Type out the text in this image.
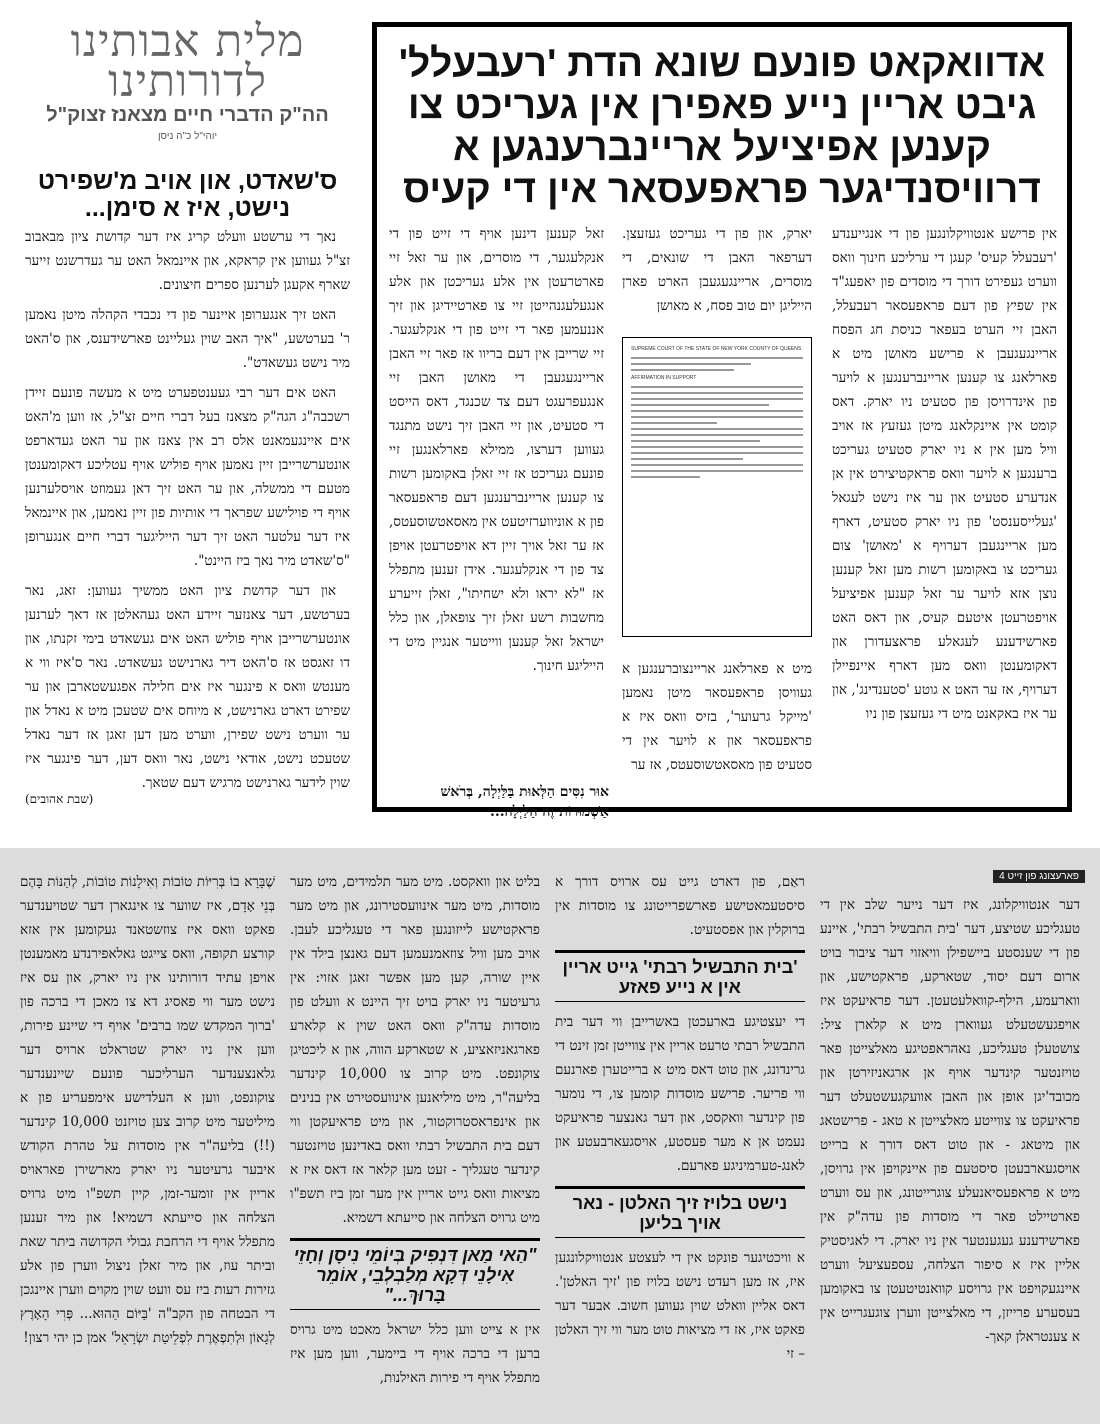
מלית אבותינו לדורותינו
הה"ק הדברי חיים מצאנז זצוק"ל
יוהי"ל כ"ה ניסן
ס'שאדט, און אויב מ'שפירט נישט, איז א סימן...

נאך די ערשטע וועלט קריג איז דער קדושת ציון מבאבוב זצ"ל געווען אין קראקא, און איינמאל האט ער געדרשנט זייער שארף אקעגן לערנען ספרים חיצונים.

האט זיך אנגערופן איינער פון די נכבדי הקהלה מיטן נאמען ר' בערטשע, "איך האב שוין געליינט פארשידענס, און ס'האט מיר נישט געשאדט".

האט אים דער רבי געענטפערט מיט א מעשה פונעם זיידן רשכבה"ג הגה"ק מצאנז בעל דברי חיים זצ"ל, אז ווען מ'האט אים איינגעמאנט אלס רב אין צאנז און ער האט געדארפט אונטערשרייבן זיין נאמען אויף פוליש אויף עטליכע דאקומענטן מטעם די ממשלה, און ער האט זיך דאן געמוזט אויסלערנען אויף די פוילישע שפראך די אותיות פון זיין נאמען, און איינמאל איז דער עלטער האט זיך דער הייליגער דברי חיים אנגערופן "ס'שאדט מיר נאך ביז היינט".

און דער קדושת ציון האט ממשיך געווען: זאג, נאר בערטשע, דער צאנזער זיידע האט געהאלטן אז דאך לערנען אונטערשרייבן אויף פוליש האט אים געשאדט בימי זקנתו, און דו זאגסט אז ס'האט דיר גארנישט געשאדט. נאר ס'איז ווי א מענטש וואס א פינגער איז אים חלילה אפגעשטארבן און ער שפירט דארט גארנישט, א מיוחס אים שטעכן מיט א נאדל און ער ווערט נישט שפירן, ווערט מען דען זאגן אז דער נאדל שטעכט נישט, אודאי נישט, נאר וואס דען, דער פינגער איז שוין לידער גארנישט מרגיש דעם שטאך.

(שבת אהובים)
אדוואקאט פונעם שונא הדת 'רעבעלל' גיבט אריין נייע פאפירן אין געריכט צו קענען אפיציעל אריינברענגען א דרוויסנדיגער פראפעסאר אין די קעיס
אין פרישע אנטוויקלונגען פון די אנגייענדע 'רעבעלל קעיס' קעגן די ערליכע חינוך וואס ווערט געפירט דורך די מוסדים פון יאפעג"ד אין שפיץ פון דעם פראפעסאר רעבעלל, האבן זיי הערט בעפאר כניסת חג הפסח אריינגעגעבן א פרישע מאושן מיט א פארלאנג צו קענען אריינברענגען א לויער פון אינדרויסן פון סטעיט ניו יארק. דאס קומט אין איינקלאנג מיטן געזעץ אז אויב וויל מען אין א ניו יארק סטעיט געריכט ברענגען א לויער וואס פראקטיצירט אין אן אנדערע סטעיט און ער איז נישט לעגאל 'געלייסענסט' פון ניו יארק סטעיט, דארף מען אריינגעבן דערויף א 'מאושן' צום געריכט צו באקומען רשות מען זאל קענען נוצן אזא לויער ער זאל קענען אפיציעל אויפטרעטן איטעם קעיס, און דאס האט פארשידענע לעגאלע פראצעדורן און דאקומענטן וואס מען דארף איינפיילן דערויף, אז ער האט א גוטע 'סטענדינג', און ער איז באקאנט מיט די געזעצן פון ניו
יארק, און פון די געריכט געזעצן. דערפאר האבן די שונאים, די מוסרים, אריינגעגעבן הארט פארן הייליגן יום טוב פסח, א מאושן
SUPREME COURT OF THE STATE OF NEW YORK COUNTY OF QUEENS
AFFIRMATION IN SUPPORT
מיט א פארלאנג אריינצוברענגען א געוויסן פראפעסאר מיטן נאמען 'מייקל גרעוער', בזיס וואס איז א פראפעסאר און א לויער אין די סטעיט פון מאסאטשוסעטס, אז ער
זאל קענען דינען אויף די זייט פון די אנקלעגער, די מוסרים, און ער זאל זיי פארטרעטן אין אלע געריכטן און אלע אנגעלעגנהייטן זיי צו פארטיידיגן און זיך אננעמען פאר די זייט פון די אנקלעגער. זיי שרייבן אין דעם בריוו אז פאר זיי האבן אריינגעגעבן די מאושן האבן זיי אנגעפרעגט דעם צד שכנגד, דאס הייסט די סטעיט, און זיי האבן זיך נישט מתנגד געווען דערצו, ממילא פארלאנגען זיי פונעם געריכט אז זיי זאלן באקומען רשות צו קענען אריינברענגען דעם פראפעסאר פון א אוניווערזיטעט אין מאסאטשוסעטס, אז ער זאל אויך זיין דא אויפטרעטן אויפן צד פון די אנקלעגער. אידן זענען מתפלל אז "לא יראו ולא ישחיתו", זאלן זייערע מחשבות רשע זאלן זיך צופאלן, און כלל ישראל זאל קענען ווייטער אנגיין מיט די הייליגע חינוך.
אוּר נִסִּים הַלְּאוּת בַּלַּיְלָה, בְּרֹאשׁ אַשְׁמוּרוֹת זֶה הַלַּיְלָה...
פארעצונג פון זייט 4
דער אנטוויקלונג, איז דער נייער שלב אין די טעגליכע שטיצע, דער 'בית התבשיל רבתי', איינע פון די שענסטע ביישפילן וויאזוי דער ציבור בויט ארום דעם יסוד, שטארקע, פראקטישע, און ווארעמע, הילף-קוואלעטעטן. דער פראיעקט איז אויפגעשטעלט געווארן מיט א קלארן ציל: צושטעלן טעגליכע, נאהראפטיגע מאלצייטן פאר טויזנטער קינדער אויף אן ארגאניזירטן און מכובד'יגן אופן און האבן אוועקגעשטעלט דער פראיעקט צו צווייטע מאלצייטן א טאג - פרישטאג און מיטאג - און טוט דאס דורך א ברייט אויסגעארבעטן סיסטעם פון איינקויפן אין גרויסן, מיט א פראפעסיאנעלע צוגרייטונג, און עס ווערט פארטיילט פאר די מוסדות פון עדה"ק אין פארשידענע געגענטער אין ניו יארק. די לאגיסטיק אליין איז א סיפור הצלחה, עספעציעל ווערט איינגעקויפט אין גרויסע קוואנטיטעטן צו באקומען בעסערע פרייזן, די מאלצייטן ווערן צוגעגרייט אין א צענטראלן קאך-
ראַם, פון דארט גייט עס ארויס דורך א סיסטעמאטישע פארשפרייטונג צו מוסדות אין ברוקלין און אפסטעיט.
'בית התבשיל רבתי' גייט אריין אין א נייע פאזע
די יעצטיגע בארעכטן באשרייבן ווי דער בית התבשיל רבתי טרעט אריין אין צווייטן זמן זינט די גרינדונג, און טוט דאס מיט א ברייטערן פארנעם ווי פריער. פרישע מוסדות קומען צו, די נומער פון קינדער וואקסט, און דער גאנצער פראיעקט נעמט אן א מער פעסטע, אויסגעארבעטע און לאנג-טערמיניגע פארעם.
נישט בלויז זיך האלטן - נאר אויך בליען
א וויכטיגער פונקט אין די לעצטע אנטוויקלונגען איז, אז מען רעדט נישט בלויז פון 'זיך האלטן'. דאס אליין וואלט שוין געווען חשוב. אבער דער פאקט איז, אז די מציאות טוט מער ווי זיך האלטן – זי
בליט און וואקסט. מיט מער תלמידים, מיט מער מוסדות, מיט מער אינוועסטירונג, און מיט מער פראקטישע לייזונגען פאר די טעגליכע לעבן. אויב מען וויל צוזאמנעמען דעם גאנצן בילד אין איין שורה, קען מען אפשר זאגן אזוי: אין גרעיטער ניו יארק בויט זיך היינט א וועלט פון מוסדות עדה"ק וואס האט שוין א קלארע פארגאניזאציע, א שטארקע הווה, און א ליכטיגן צוקונפט. מיט קרוב צו 10,000 קינדער בליעה"ר, מיט מיליאנען אינוועסטירט אין בנינים און אינפראסטרוקטור, און מיט פראיעקטן ווי דעם בית התבשיל רבתי וואס באדינען טויזנטער קינדער טעגליך - זעט מען קלאר אז דאס איז א מציאות וואס גייט אריין אין מער זמן ביז תשפ"ו מיט גרויס הצלחה און סייעתא דשמיא.
"הַאי מַאן דִּנְפִיק בְּיוֹמֵי נִיסָן וְחָזֵי אִילָנֵי דְּקָא מְלַבְלְבֵי, אוֹמֵר בָּרוּךְ..."
אין א צייט ווען כלל ישראל מאכט מיט גרויס ברען די ברכה אויף די ביימער, ווען מען איז מתפלל אויף די פירות האילנות,
שֶׁבָּרָא בוֹ בְּרִיּוֹת טוֹבוֹת וְאִילָנוֹת טוֹבוֹת, לְהַנּוֹת בָּהֶם בְּנֵי אָדָם, איז שווער צו אינגארן דער שטויענדער פאקט וואס איז צוזשטאנד געקומען אין אזא קורצע תקופה, וואס צייגט גאלאפירנדע מאמענטן אויפן עתיד דורותינו אין ניו יארק, און עס איז נישט מער ווי פאסיג דא צו מאכן די ברכה פון 'ברוך המקדש שמו ברבים' אויף די שיינע פירות, ווען אין ניו יארק שטראלט ארויס דער גלאנצענדער הערליכער פונעם שיינענדער צוקונפט, ווען א העלדישע אימפעריע פון א מיליטער מיט קרוב צען טויזנט 10,000 קינדער (!!) בליעה"ר אין מוסדות על טהרת הקודש איבער גרעיטער ניו יארק מארשירן פאראויס אריין אין זומער-זמן, קיין תשפ"ו מיט גרויס הצלחה און סייעתא דשמיא! און מיר זענען מתפלל אויף די הרחבת גבולי הקדושה ביתר שאת וביתר עוז, און מיר זאלן ניצול ווערן פון אלע גזירות רעות ביז עס וועט שוין מקוים ווערן איינגכן די הבטחה פון הקב"ה 'בַּיּוֹם הַהוּא... פְּרִי הָאָרֶץ לְגָאוֹן וּלְתִפְאֶרֶת לִפְלֵיטַת יִשְׂרָאֵל' אמן כן יהי רצון!
